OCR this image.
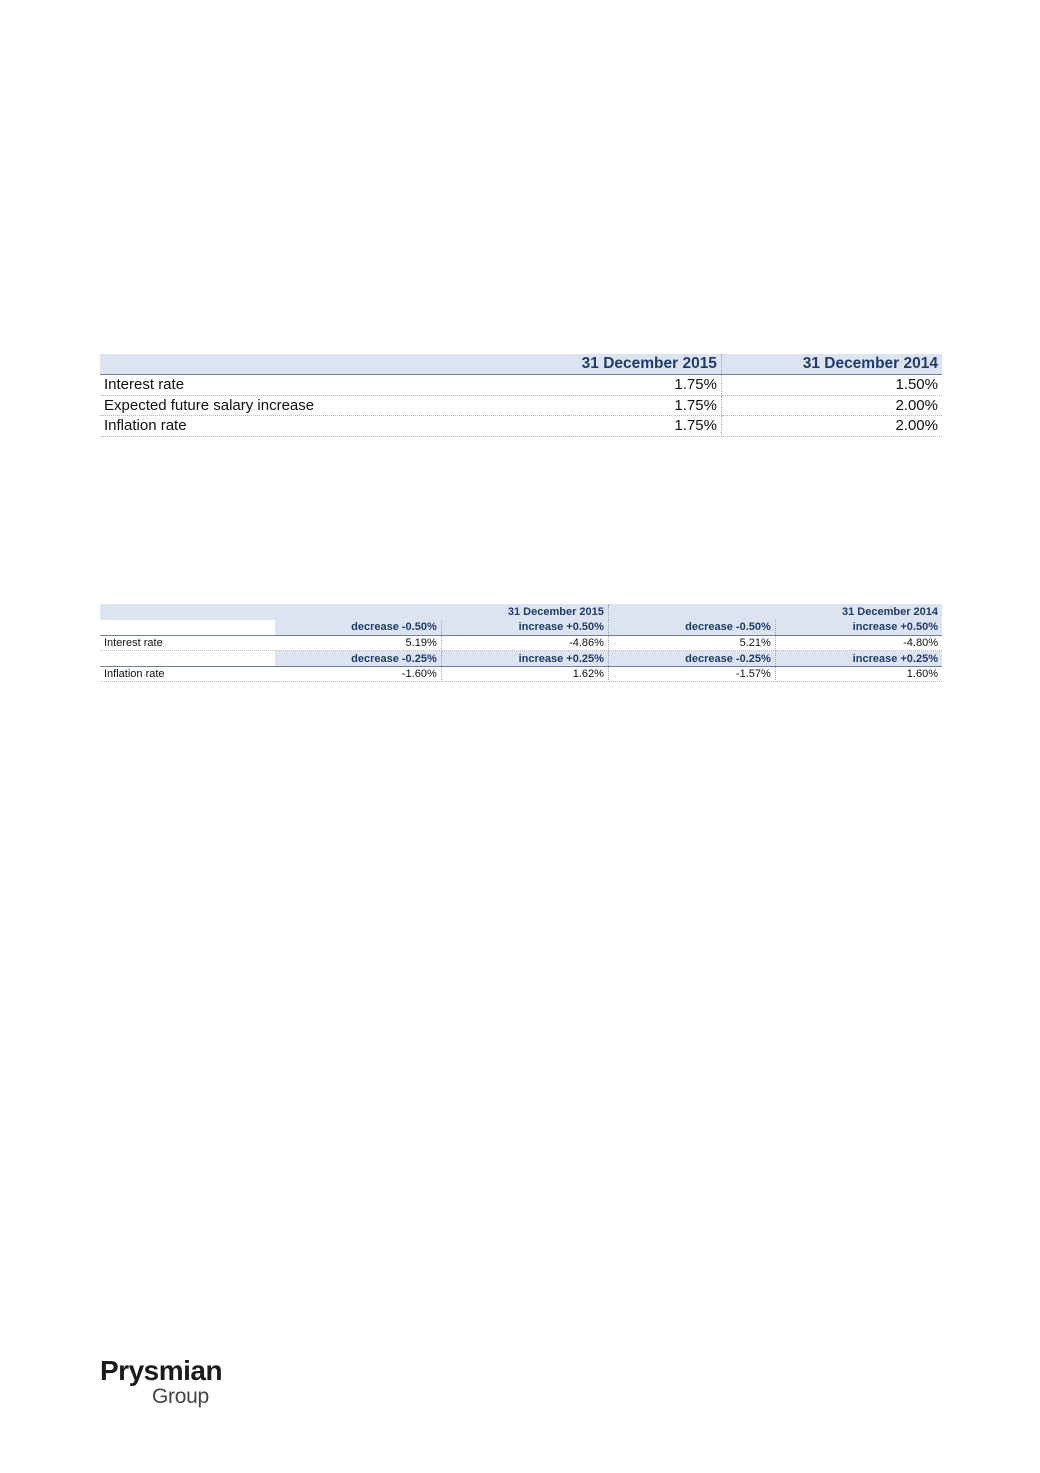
	31 December 2015	31 December 2014
Interest rate	1.75%	1.50%
Expected future salary increase	1.75%	2.00%
Inflation rate	1.75%	2.00%
		31 December 2015		31 December 2014
	decrease -0.50%	increase +0.50%	decrease -0.50%	increase +0.50%
Interest rate	5.19%	-4.86%	5.21%	-4.80%
	decrease -0.25%	increase +0.25%	decrease -0.25%	increase +0.25%
Inflation rate	-1.60%	1.62%	-1.57%	1.60%
Prysmian
Group
